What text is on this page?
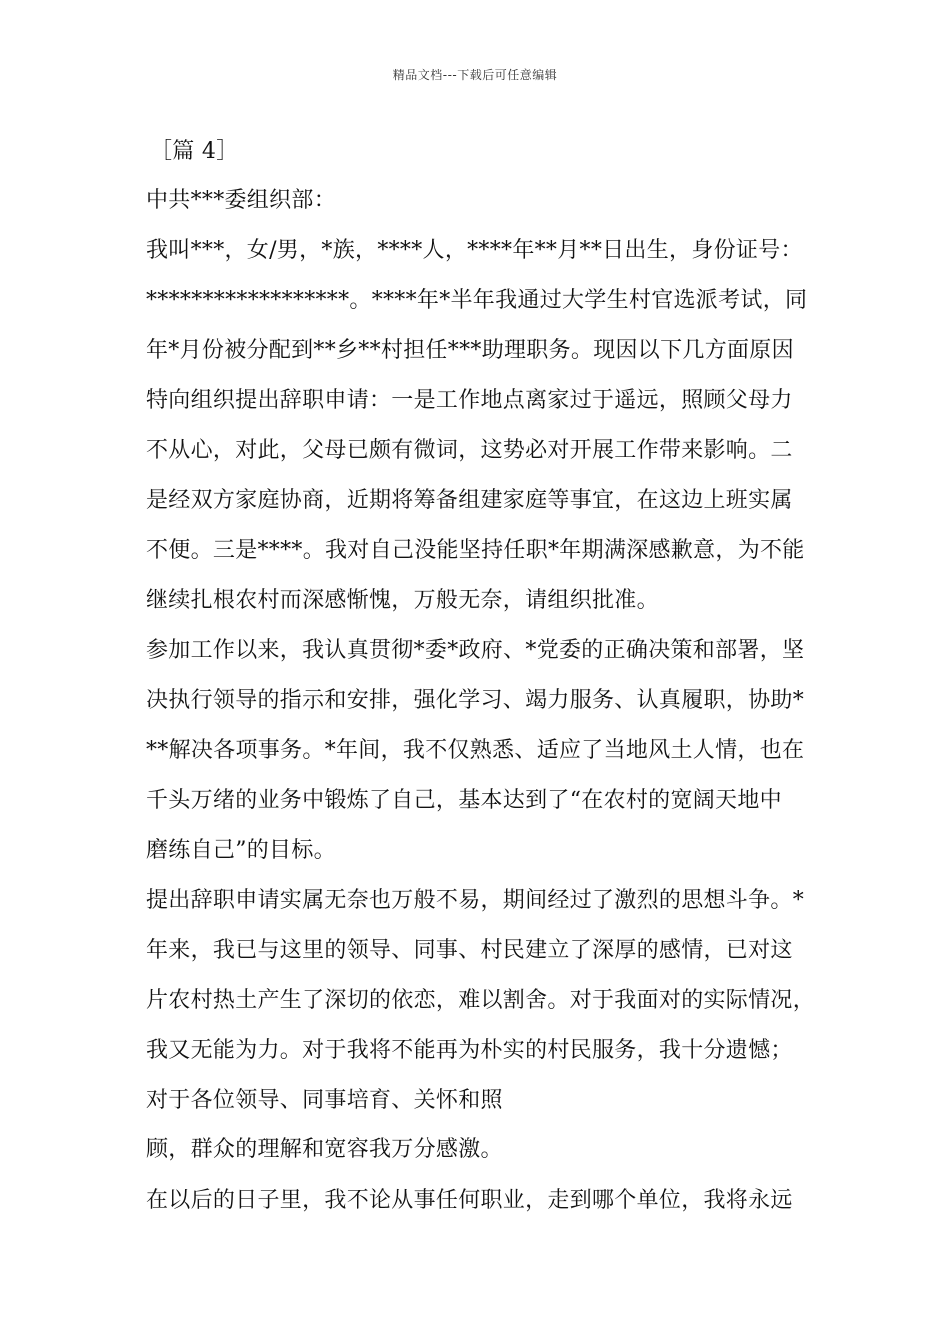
精品文档---下载后可任意编辑
［篇 4］
中共***委组织部：
我叫***，女/男，*族，****人，****年**月**日出生，身份证号：
******************。****年*半年我通过大学生村官选派考试，同
年*月份被分配到**乡**村担任***助理职务。现因以下几方面原因
特向组织提出辞职申请：一是工作地点离家过于遥远，照顾父母力
不从心，对此，父母已颇有微词，这势必对开展工作带来影响。二
是经双方家庭协商，近期将筹备组建家庭等事宜，在这边上班实属
不便。三是****。我对自己没能坚持任职*年期满深感歉意，为不能
继续扎根农村而深感惭愧，万般无奈，请组织批准。
参加工作以来，我认真贯彻*委*政府、*党委的正确决策和部署，坚
决执行领导的指示和安排，强化学习、竭力服务、认真履职，协助*
**解决各项事务。*年间，我不仅熟悉、适应了当地风土人情，也在
千头万绪的业务中锻炼了自己，基本达到了“在农村的宽阔天地中
磨练自己”的目标。
提出辞职申请实属无奈也万般不易，期间经过了激烈的思想斗争。*
年来，我已与这里的领导、同事、村民建立了深厚的感情，已对这
片农村热土产生了深切的依恋，难以割舍。对于我面对的实际情况，
我又无能为力。对于我将不能再为朴实的村民服务，我十分遗憾；
对于各位领导、同事培育、关怀和照
顾，群众的理解和宽容我万分感激。
在以后的日子里，我不论从事任何职业，走到哪个单位，我将永远
